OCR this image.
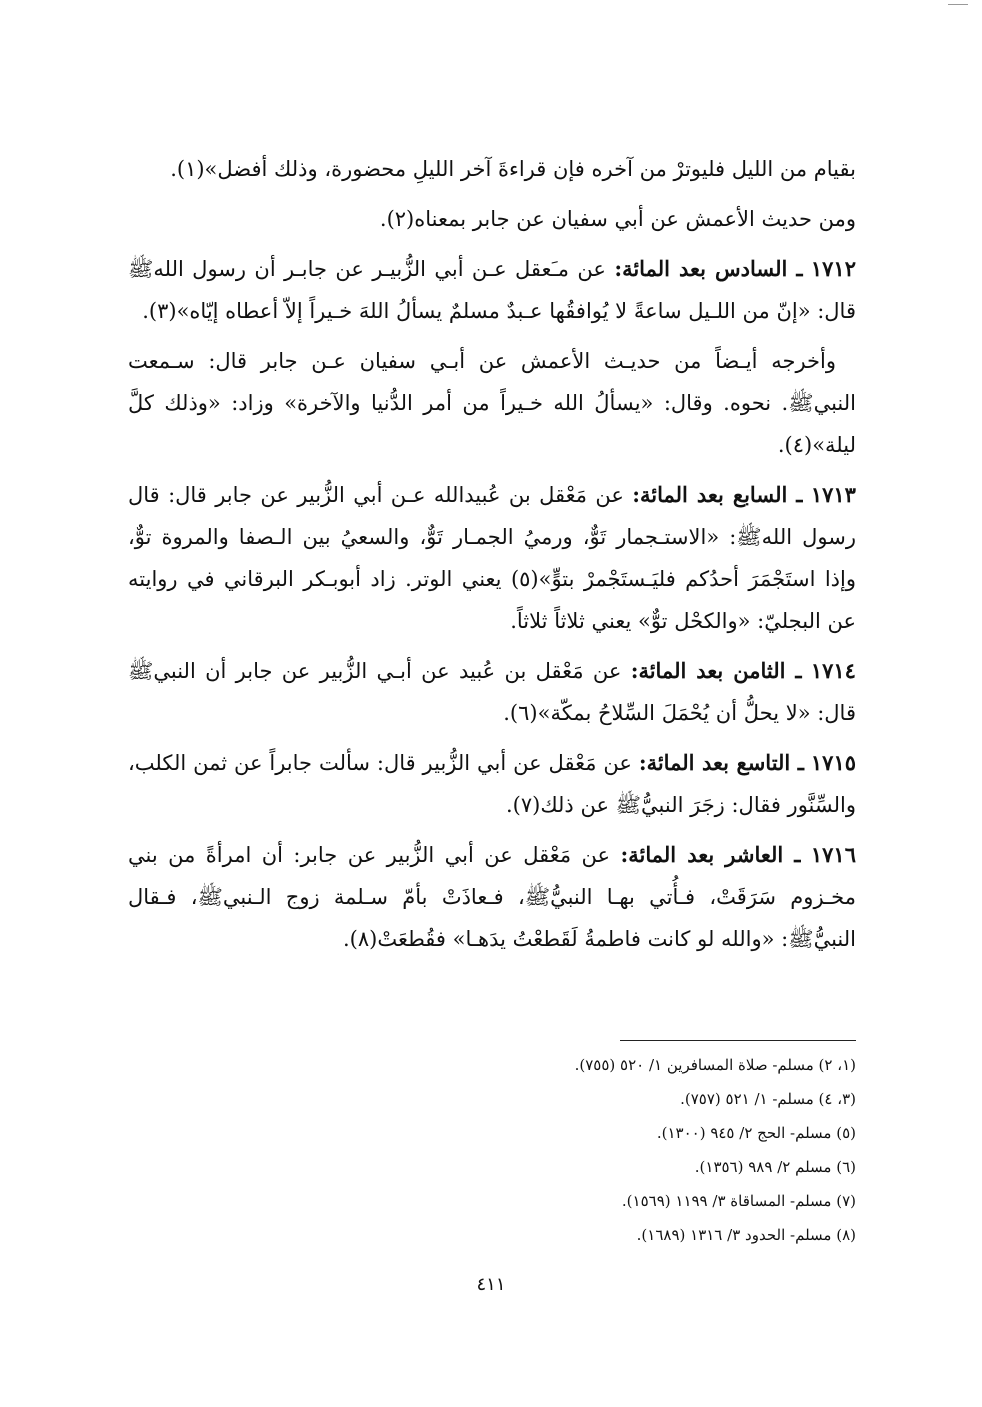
بقيام من الليل فليوترْ من آخره فإن قراءةَ آخر الليلِ محضورة، وذلك أفضل»(١).

ومن حديث الأعمش عن أبي سفيان عن جابر بمعناه(٢).

١٧١٢ ـ السادس بعد المائة: عن مـَعقل عـن أبي الزُّبيـر عن جابـر أن رسول اللهﷺ قال: «إنّ من اللـيل ساعةً لا يُوافقُها عـبدٌ مسلمٌ يسألُ اللهَ خـيراً إلاّ أعطاه إيّاه»(٣).

وأخرجه أيـضاً من حديـث الأعمش عن أبـي سفيان عـن جابر قال: سـمعت النبيﷺ. نحوه. وقال: «يسألُ الله خـيراً من أمر الدُّنيا والآخرة» وزاد: «وذلك كلَّ ليلة»(٤).

١٧١٣ ـ السابع بعد المائة: عن مَعْقل بن عُبيدالله عـن أبي الزُّبير عن جابر قال: قال رسول اللهﷺ: «الاستـجمار تَوٌّ، ورميُ الجمـار تَوٌّ، والسعيُ بين الـصفا والمروة توٌّ، وإذا استَجْمَرَ أحدُكم فليَـستَجْمرْ بتوٍّ»(٥) يعني الوتر. زاد أبوبـكر البرقاني في روايته عن البجليّ: «والكحْل توٌّ» يعني ثلاثاً ثلاثاً.

١٧١٤ ـ الثامن بعد المائة: عن مَعْقل بن عُبيد عن أبـي الزُّبير عن جابر أن النبيﷺ قال: «لا يحلُّ أن يُحْمَلَ السِّلاحُ بمكّة»(٦).

١٧١٥ ـ التاسع بعد المائة: عن مَعْقل عن أبي الزُّبير قال: سألت جابراً عن ثمن الكلب، والسِّنَّور فقال: زجَرَ النبيُّﷺ عن ذلك(٧).

١٧١٦ ـ العاشر بعد المائة: عن مَعْقل عن أبي الزُّبير عن جابر: أن امرأةً من بني مخـزوم سَرَقَتْ، فـأُتي بهـا النبيُّﷺ، فـعاذَتْ بأمّ سـلمة زوج الـنبيﷺ، فـقال النبيُّﷺ: «والله لو كانت فاطمةُ لَقَطعْتُ يدَهـا» فقُطعَتْ(٨).

(١، ٢) مسلم- صلاة المسافرين ١/ ٥٢٠ (٧٥٥).
(٣، ٤) مسلم- ١/ ٥٢١ (٧٥٧).
(٥) مسلم- الحج ٢/ ٩٤٥ (١٣٠٠).
(٦) مسلم ٢/ ٩٨٩ (١٣٥٦).
(٧) مسلم- المساقاة ٣/ ١١٩٩ (١٥٦٩).
(٨) مسلم- الحدود ٣/ ١٣١٦ (١٦٨٩).
٤١١
